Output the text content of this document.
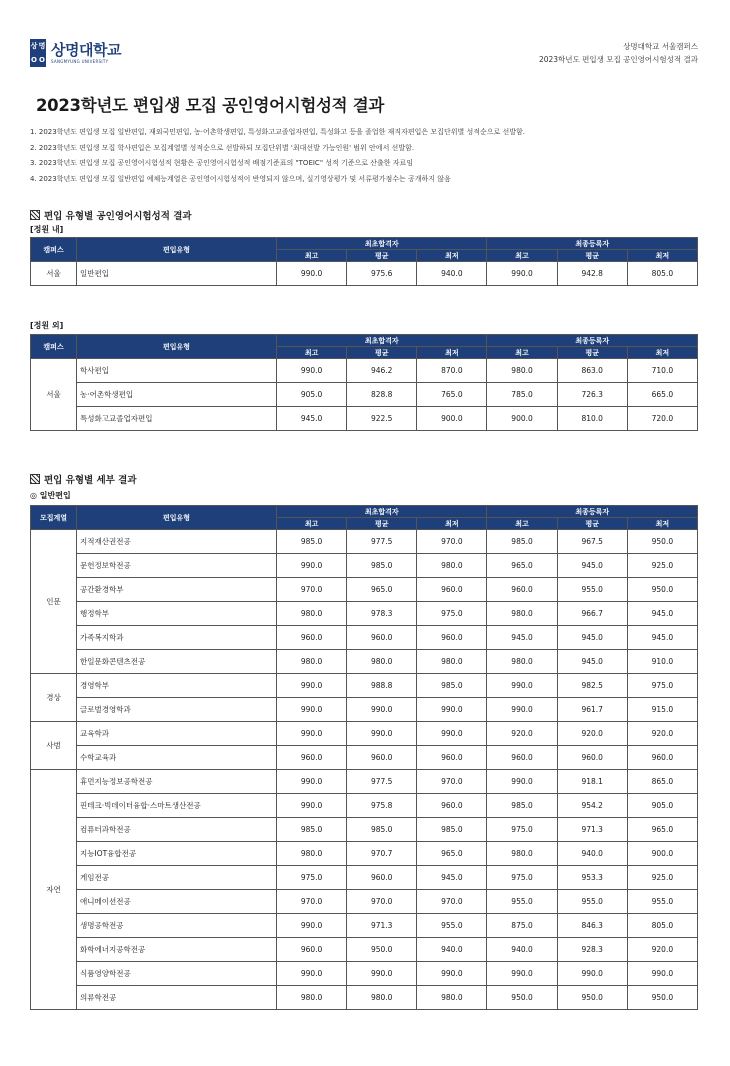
상 명
O O
상명대학교
SANGMYUNG UNIVERSITY
상명대학교 서울캠퍼스
2023학년도 편입생 모집 공인영어시험성적 결과
2023학년도 편입생 모집 공인영어시험성적 결과
1. 2023학년도 편입생 모집 일반편입, 재외국민편입, 농·어촌학생편입, 특성화고교졸업자편입, 특성화고 등을 졸업한 재직자편입은 모집단위별 성적순으로 선발함.
2. 2023학년도 편입생 모집 학사편입은 모집계열별 성적순으로 선발하되 모집단위별 '최대선발 가능인원' 범위 안에서 선발함.
3. 2023학년도 편입생 모집 공인영어시험성적 현황은 공인영어시험성적 배점기준표의 "TOEIC" 성적 기준으로 산출한 자료임
4. 2023학년도 편입생 모집 일반편입 예체능계열은 공인영어시험성적이 반영되지 않으며, 실기영상평가 및 서류평가점수는 공개하지 않음
편입 유형별 공인영어시험성적 결과
[정원 내]
캠퍼스	편입유형	최초합격자			최종등록자		
		최고	평균	최저	최고	평균	최저
서울	일반편입	990.0	975.6	940.0	990.0	942.8	805.0
[정원 외]
캠퍼스	편입유형	최초합격자			최종등록자		
		최고	평균	최저	최고	평균	최저
서울	학사편입	990.0	946.2	870.0	980.0	863.0	710.0
	농·어촌학생편입	905.0	828.8	765.0	785.0	726.3	665.0
	특성화고교졸업자편입	945.0	922.5	900.0	900.0	810.0	720.0
편입 유형별 세부 결과
◎ 일반편입
모집계열	편입유형	최초합격자			최종등록자		
		최고	평균	최저	최고	평균	최저
인문	지적재산권전공	985.0	977.5	970.0	985.0	967.5	950.0
	문헌정보학전공	990.0	985.0	980.0	965.0	945.0	925.0
	공간환경학부	970.0	965.0	960.0	960.0	955.0	950.0
	행정학부	980.0	978.3	975.0	980.0	966.7	945.0
	가족복지학과	960.0	960.0	960.0	945.0	945.0	945.0
	한일문화콘텐츠전공	980.0	980.0	980.0	980.0	945.0	910.0
경상	경영학부	990.0	988.8	985.0	990.0	982.5	975.0
	글로벌경영학과	990.0	990.0	990.0	990.0	961.7	915.0
사범	교육학과	990.0	990.0	990.0	920.0	920.0	920.0
	수학교육과	960.0	960.0	960.0	960.0	960.0	960.0
자연	휴먼지능정보공학전공	990.0	977.5	970.0	990.0	918.1	865.0
	핀테크·빅데이터융합·스마트생산전공	990.0	975.8	960.0	985.0	954.2	905.0
	컴퓨터과학전공	985.0	985.0	985.0	975.0	971.3	965.0
	지능IOT융합전공	980.0	970.7	965.0	980.0	940.0	900.0
	게임전공	975.0	960.0	945.0	975.0	953.3	925.0
	애니메이션전공	970.0	970.0	970.0	955.0	955.0	955.0
	생명공학전공	990.0	971.3	955.0	875.0	846.3	805.0
	화학에너지공학전공	960.0	950.0	940.0	940.0	928.3	920.0
	식품영양학전공	990.0	990.0	990.0	990.0	990.0	990.0
	의류학전공	980.0	980.0	980.0	950.0	950.0	950.0
